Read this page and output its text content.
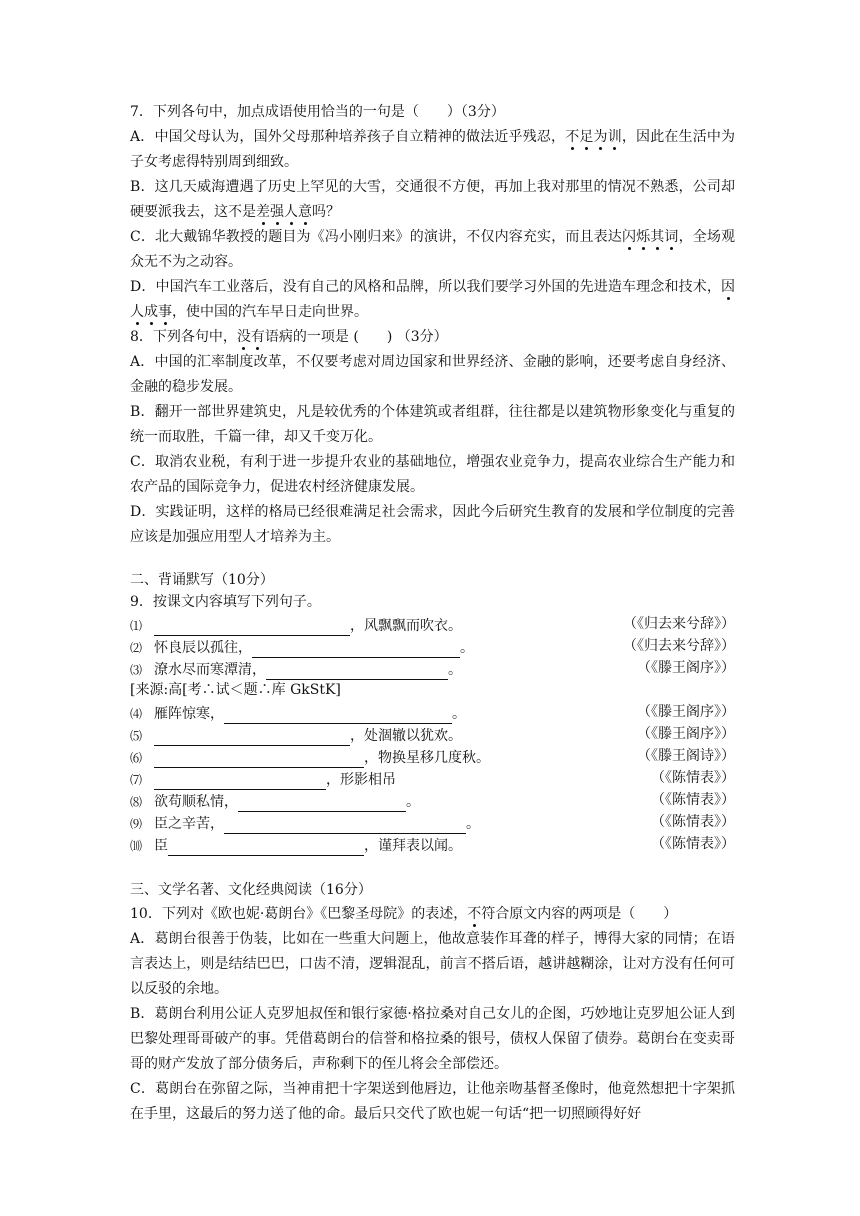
7．下列各句中，加点成语使用恰当的一句是（　　）（3分）
A．中国父母认为，国外父母那种培养孩子自立精神的做法近乎残忍，不足为训，因此在生活中为子女考虑得特别周到细致。
B．这几天威海遭遇了历史上罕见的大雪，交通很不方便，再加上我对那里的情况不熟悉，公司却硬要派我去，这不是差强人意吗？
C．北大戴锦华教授的题目为《冯小刚归来》的演讲，不仅内容充实，而且表达闪烁其词，全场观众无不为之动容。
D．中国汽车工业落后，没有自己的风格和品牌，所以我们要学习外国的先进造车理念和技术，因人成事，使中国的汽车早日走向世界。
8．下列各句中，没有语病的一项是 (　　) （3分）
A．中国的汇率制度改革，不仅要考虑对周边国家和世界经济、金融的影响，还要考虑自身经济、金融的稳步发展。
B．翻开一部世界建筑史，凡是较优秀的个体建筑或者组群，往往都是以建筑物形象变化与重复的统一而取胜，千篇一律，却又千变万化。
C．取消农业税，有利于进一步提升农业的基础地位，增强农业竞争力，提高农业综合生产能力和农产品的国际竞争力，促进农村经济健康发展。
D．实践证明，这样的格局已经很难满足社会需求，因此今后研究生教育的发展和学位制度的完善应该是加强应用型人才培养为主。
二、背诵默写（10分）
9．按课文内容填写下列句子。
⑴	，风飘飘而吹衣。	（《归去来兮辞》）
⑵ 怀良辰以孤往，	。	（《归去来兮辞》）
⑶ 潦水尽而寒潭清，	。	（《滕王阁序》）
[来源:高[考∴试＜题∴库 GkStK]
⑷ 雁阵惊寒，	。	（《滕王阁序》）
⑸	，处涸辙以犹欢。	（《滕王阁序》）
⑹	，物换星移几度秋。	（《滕王阁诗》）
⑺	，形影相吊	（《陈情表》）
⑻ 欲苟顺私情，	。	（《陈情表》）
⑼ 臣之辛苦，	。	（《陈情表》）
⑽ 臣	，谨拜表以闻。	（《陈情表》）
三、文学名著、文化经典阅读（16分）
10．下列对《欧也妮·葛朗台》《巴黎圣母院》的表述，不符合原文内容的两项是（　　）
A．葛朗台很善于伪装，比如在一些重大问题上，他故意装作耳聋的样子，博得大家的同情；在语言表达上，则是结结巴巴，口齿不清，逻辑混乱，前言不搭后语，越讲越糊涂，让对方没有任何可以反驳的余地。
B．葛朗台利用公证人克罗旭叔侄和银行家德·格拉桑对自己女儿的企图，巧妙地让克罗旭公证人到巴黎处理哥哥破产的事。凭借葛朗台的信誉和格拉桑的银号，债权人保留了债券。葛朗台在变卖哥哥的财产发放了部分债务后，声称剩下的侄儿将会全部偿还。
C．葛朗台在弥留之际，当神甫把十字架送到他唇边，让他亲吻基督圣像时，他竟然想把十字架抓在手里，这最后的努力送了他的命。最后只交代了欧也妮一句话“把一切照顾得好好
